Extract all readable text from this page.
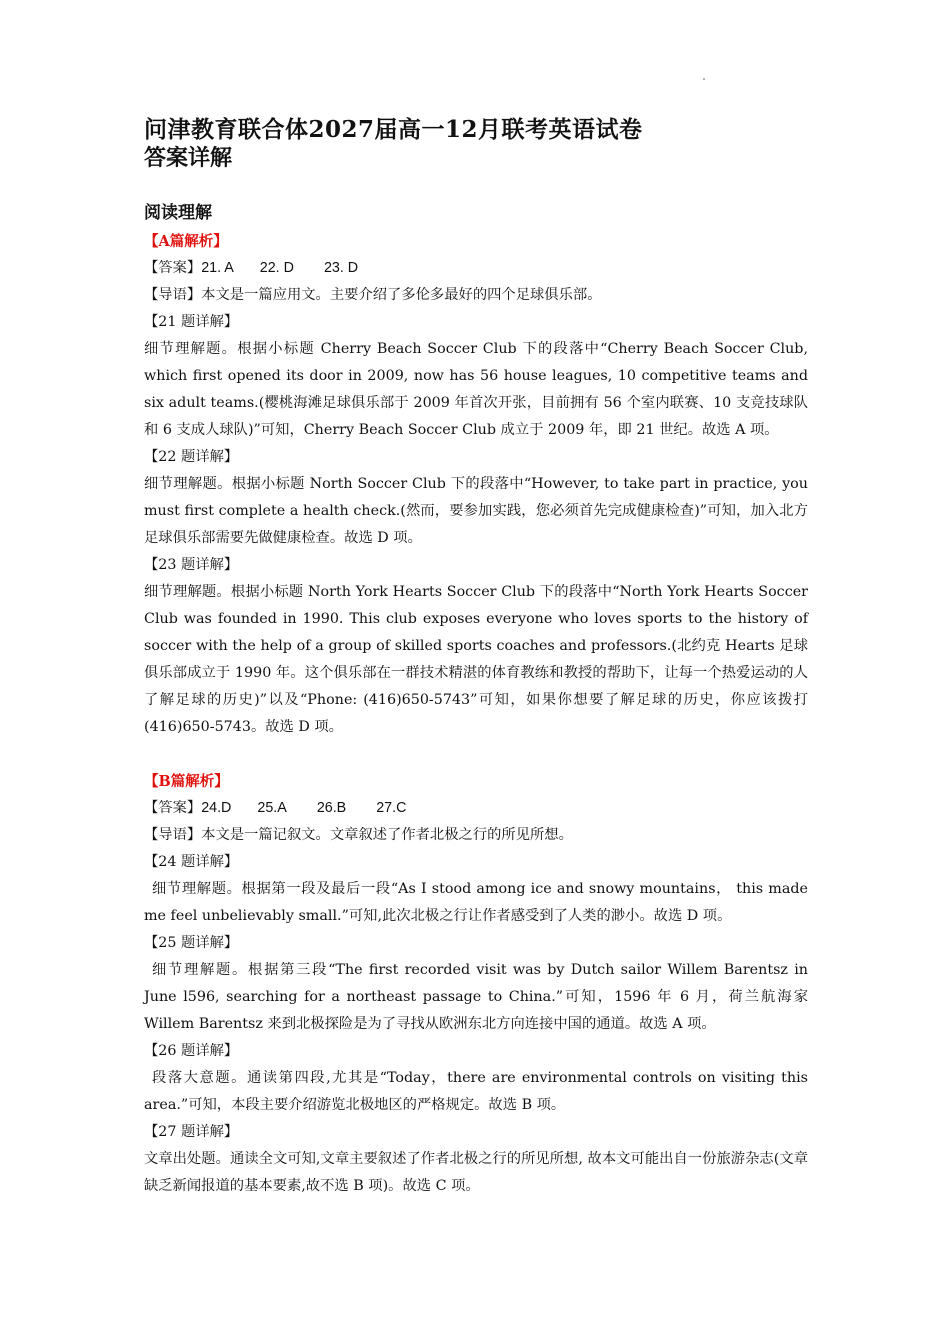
问津教育联合体2027届高一12月联考英语试卷
答案详解
阅读理解
【A篇解析】
【答案】21. A 22. D 23. D
【导语】本文是一篇应用文。主要介绍了多伦多最好的四个足球俱乐部。
【21 题详解】
细节理解题。根据小标题 Cherry Beach Soccer Club 下的段落中“Cherry Beach Soccer Club, which first opened its door in 2009, now has 56 house leagues, 10 competitive teams and six adult teams.(樱桃海滩足球俱乐部于 2009 年首次开张，目前拥有 56 个室内联赛、10 支竞技球队和 6 支成人球队)”可知，Cherry Beach Soccer Club 成立于 2009 年，即 21 世纪。故选 A 项。
【22 题详解】
细节理解题。根据小标题 North Soccer Club 下的段落中“However, to take part in practice, you must first complete a health check.(然而，要参加实践，您必须首先完成健康检查)”可知，加入北方足球俱乐部需要先做健康检查。故选 D 项。
【23 题详解】
细节理解题。根据小标题 North York Hearts Soccer Club 下的段落中“North York Hearts Soccer Club was founded in 1990. This club exposes everyone who loves sports to the history of soccer with the help of a group of skilled sports coaches and professors.(北约克 Hearts 足球俱乐部成立于 1990 年。这个俱乐部在一群技术精湛的体育教练和教授的帮助下，让每一个热爱运动的人了解足球的历史)”以及“Phone: (416)650-5743”可知，如果你想要了解足球的历史，你应该拨打(416)650-5743。故选 D 项。
【B篇解析】
【答案】24.D 25.A 26.B 27.C
【导语】本文是一篇记叙文。文章叙述了作者北极之行的所见所想。
【24 题详解】
细节理解题。根据第一段及最后一段“As I stood among ice and snowy mountains， this made me feel unbelievably small.”可知,此次北极之行让作者感受到了人类的渺小。故选 D 项。
【25 题详解】
细节理解题。根据第三段“The first recorded visit was by Dutch sailor Willem Barentsz in June l596, searching for a northeast passage to China.”可知，1596 年 6 月，荷兰航海家 Willem Barentsz 来到北极探险是为了寻找从欧洲东北方向连接中国的通道。故选 A 项。
【26 题详解】
段落大意题。通读第四段,尤其是“Today，there are environmental controls on visiting this area.”可知，本段主要介绍游览北极地区的严格规定。故选 B 项。
【27 题详解】
文章出处题。通读全文可知,文章主要叙述了作者北极之行的所见所想, 故本文可能出自一份旅游杂志(文章缺乏新闻报道的基本要素,故不选 B 项)。故选 C 项。
